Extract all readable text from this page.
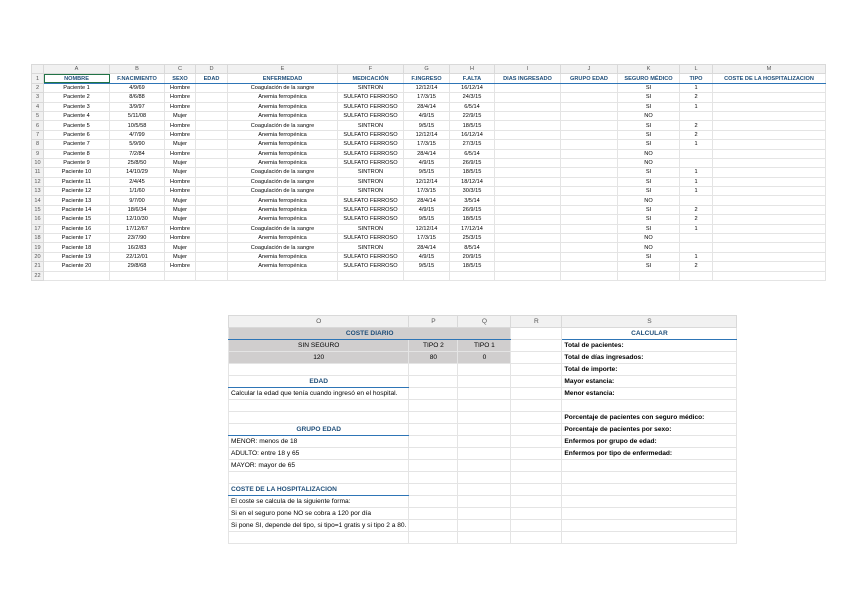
	A	B	C	D	E	F	G	H	I	J	K	L	M
1	NOMBRE	F.NACIMIENTO	SEXO	EDAD	ENFERMEDAD	MEDICACIÓN	F.INGRESO	F.ALTA	DIAS INGRESADO	GRUPO EDAD	SEGURO MÉDICO	TIPO	COSTE DE LA HOSPITALIZACION
2	Paciente 1	4/9/69	Hombre		Coagulación de la sangre	SINTRON	12/12/14	16/12/14			SI	1	
3	Paciente 2	8/6/88	Hombre		Anemia ferropénica	SULFATO FERROSO	17/3/15	24/3/15			SI	2	
4	Paciente 3	3/9/97	Hombre		Anemia ferropénica	SULFATO FERROSO	28/4/14	6/5/14			SI	1	
5	Paciente 4	5/11/08	Mujer		Anemia ferropénica	SULFATO FERROSO	4/9/15	22/9/15			NO		
6	Paciente 5	10/5/58	Hombre		Coagulación de la sangre	SINTRON	9/5/15	18/5/15			SI	2	
7	Paciente 6	4/7/99	Hombre		Anemia ferropénica	SULFATO FERROSO	12/12/14	16/12/14			SI	2	
8	Paciente 7	5/9/90	Mujer		Anemia ferropénica	SULFATO FERROSO	17/3/15	27/3/15			SI	1	
9	Paciente 8	7/2/84	Hombre		Anemia ferropénica	SULFATO FERROSO	28/4/14	6/5/14			NO		
10	Paciente 9	25/8/50	Mujer		Anemia ferropénica	SULFATO FERROSO	4/9/15	26/9/15			NO		
11	Paciente 10	14/10/29	Mujer		Coagulación de la sangre	SINTRON	9/5/15	18/5/15			SI	1	
12	Paciente 11	2/4/45	Hombre		Coagulación de la sangre	SINTRON	12/12/14	18/12/14			SI	1	
13	Paciente 12	1/1/60	Hombre		Coagulación de la sangre	SINTRON	17/3/15	30/3/15			SI	1	
14	Paciente 13	9/7/00	Mujer		Anemia ferropénica	SULFATO FERROSO	28/4/14	3/5/14			NO		
15	Paciente 14	18/6/34	Mujer		Anemia ferropénica	SULFATO FERROSO	4/9/15	26/9/15			SI	2	
16	Paciente 15	12/10/30	Mujer		Anemia ferropénica	SULFATO FERROSO	9/5/15	18/5/15			SI	2	
17	Paciente 16	17/12/67	Hombre		Coagulación de la sangre	SINTRON	12/12/14	17/12/14			SI	1	
18	Paciente 17	23/7/90	Hombre		Anemia ferropénica	SULFATO FERROSO	17/3/15	25/3/15			NO		
19	Paciente 18	16/2/83	Mujer		Coagulación de la sangre	SINTRON	28/4/14	8/5/14			NO		
20	Paciente 19	22/12/01	Mujer		Anemia ferropénica	SULFATO FERROSO	4/9/15	20/9/15			SI	1	
21	Paciente 20	29/8/68	Hombre		Anemia ferropénica	SULFATO FERROSO	9/5/15	18/5/15			SI	2	
22													
O	P	Q	R	S
COSTE DIARIO				CALCULAR
SIN SEGURO	TIPO 2	TIPO 1		Total de pacientes:
120	80	0		Total de días ingresados:
				Total de importe:
EDAD				Mayor estancia:
Calcular la edad que tenía cuando ingresó en el hospital.				Menor estancia:

				Porcentaje de pacientes con seguro médico:
GRUPO EDAD				Porcentaje de pacientes por sexo:
MENOR: menos de 18				Enfermos por grupo de edad:
ADULTO: entre 18 y 65				Enfermos por tipo de enfermedad:
MAYOR: mayor de 65				

COSTE DE LA HOSPITALIZACION				
El coste se calcula de la siguiente forma:				
Si en el seguro pone NO se cobra a 120 por día				
Si pone SI, depende del tipo, si tipo=1 gratis y si tipo 2 a 80.				
